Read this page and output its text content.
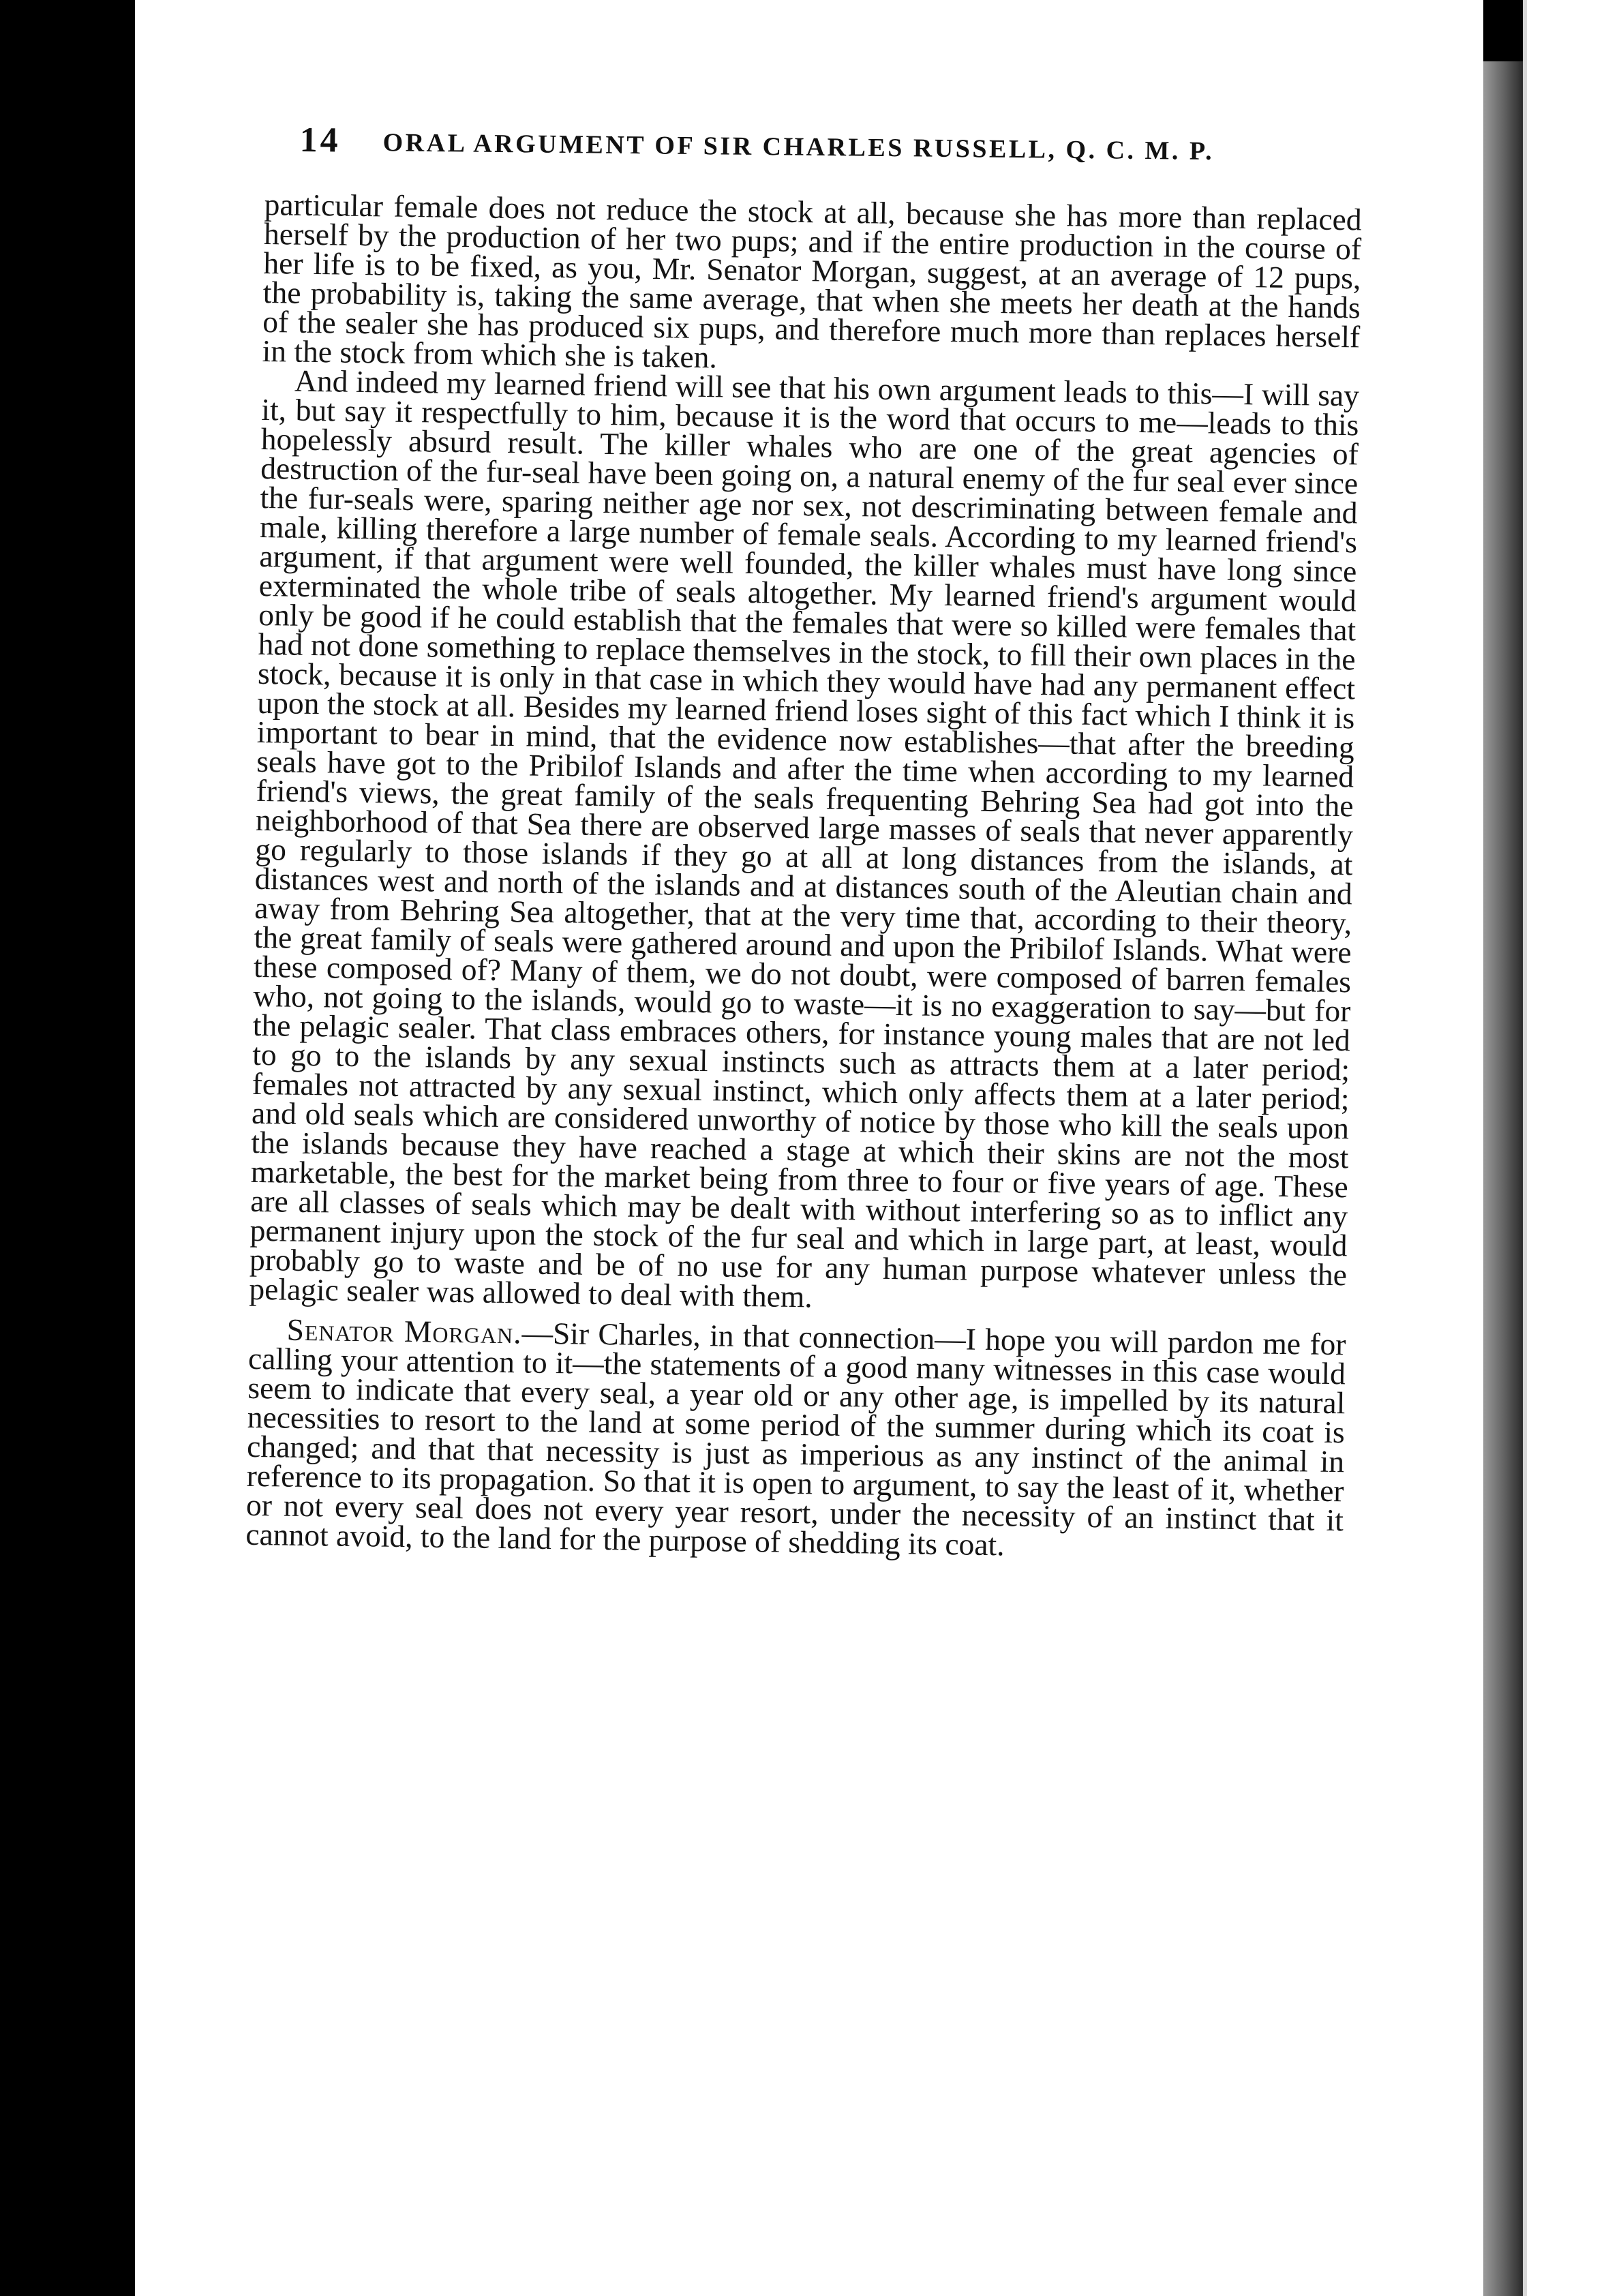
14 ORAL ARGUMENT OF SIR CHARLES RUSSELL, Q. C. M. P.

particular female does not reduce the stock at all, because she has more than replaced herself by the production of her two pups; and if the entire production in the course of her life is to be fixed, as you, Mr. Senator Morgan, suggest, at an average of 12 pups, the probability is, taking the same average, that when she meets her death at the hands of the sealer she has produced six pups, and therefore much more than replaces herself in the stock from which she is taken.

And indeed my learned friend will see that his own argument leads to this—I will say it, but say it respectfully to him, because it is the word that occurs to me—leads to this hopelessly absurd result. The killer whales who are one of the great agencies of destruction of the fur-seal have been going on, a natural enemy of the fur seal ever since the fur-seals were, sparing neither age nor sex, not descriminating between female and male, killing therefore a large number of female seals. According to my learned friend's argument, if that argument were well founded, the killer whales must have long since exterminated the whole tribe of seals altogether. My learned friend's argument would only be good if he could establish that the females that were so killed were females that had not done something to replace themselves in the stock, to fill their own places in the stock, because it is only in that case in which they would have had any permanent effect upon the stock at all. Besides my learned friend loses sight of this fact which I think it is important to bear in mind, that the evidence now establishes—that after the breeding seals have got to the Pribilof Islands and after the time when according to my learned friend's views, the great family of the seals frequenting Behring Sea had got into the neighborhood of that Sea there are observed large masses of seals that never apparently go regularly to those islands if they go at all at long distances from the islands, at distances west and north of the islands and at distances south of the Aleutian chain and away from Behring Sea altogether, that at the very time that, according to their theory, the great family of seals were gathered around and upon the Pribilof Islands. What were these composed of? Many of them, we do not doubt, were composed of barren females who, not going to the islands, would go to waste—it is no exaggeration to say—but for the pelagic sealer. That class embraces others, for instance young males that are not led to go to the islands by any sexual instincts such as attracts them at a later period; females not attracted by any sexual instinct, which only affects them at a later period; and old seals which are considered unworthy of notice by those who kill the seals upon the islands because they have reached a stage at which their skins are not the most marketable, the best for the market being from three to four or five years of age. These are all classes of seals which may be dealt with without interfering so as to inflict any permanent injury upon the stock of the fur seal and which in large part, at least, would probably go to waste and be of no use for any human purpose whatever unless the pelagic sealer was allowed to deal with them.

Senator Morgan.—Sir Charles, in that connection—I hope you will pardon me for calling your attention to it—the statements of a good many witnesses in this case would seem to indicate that every seal, a year old or any other age, is impelled by its natural necessities to resort to the land at some period of the summer during which its coat is changed; and that that necessity is just as imperious as any instinct of the animal in reference to its propagation. So that it is open to argument, to say the least of it, whether or not every seal does not every year resort, under the necessity of an instinct that it cannot avoid, to the land for the purpose of shedding its coat.
